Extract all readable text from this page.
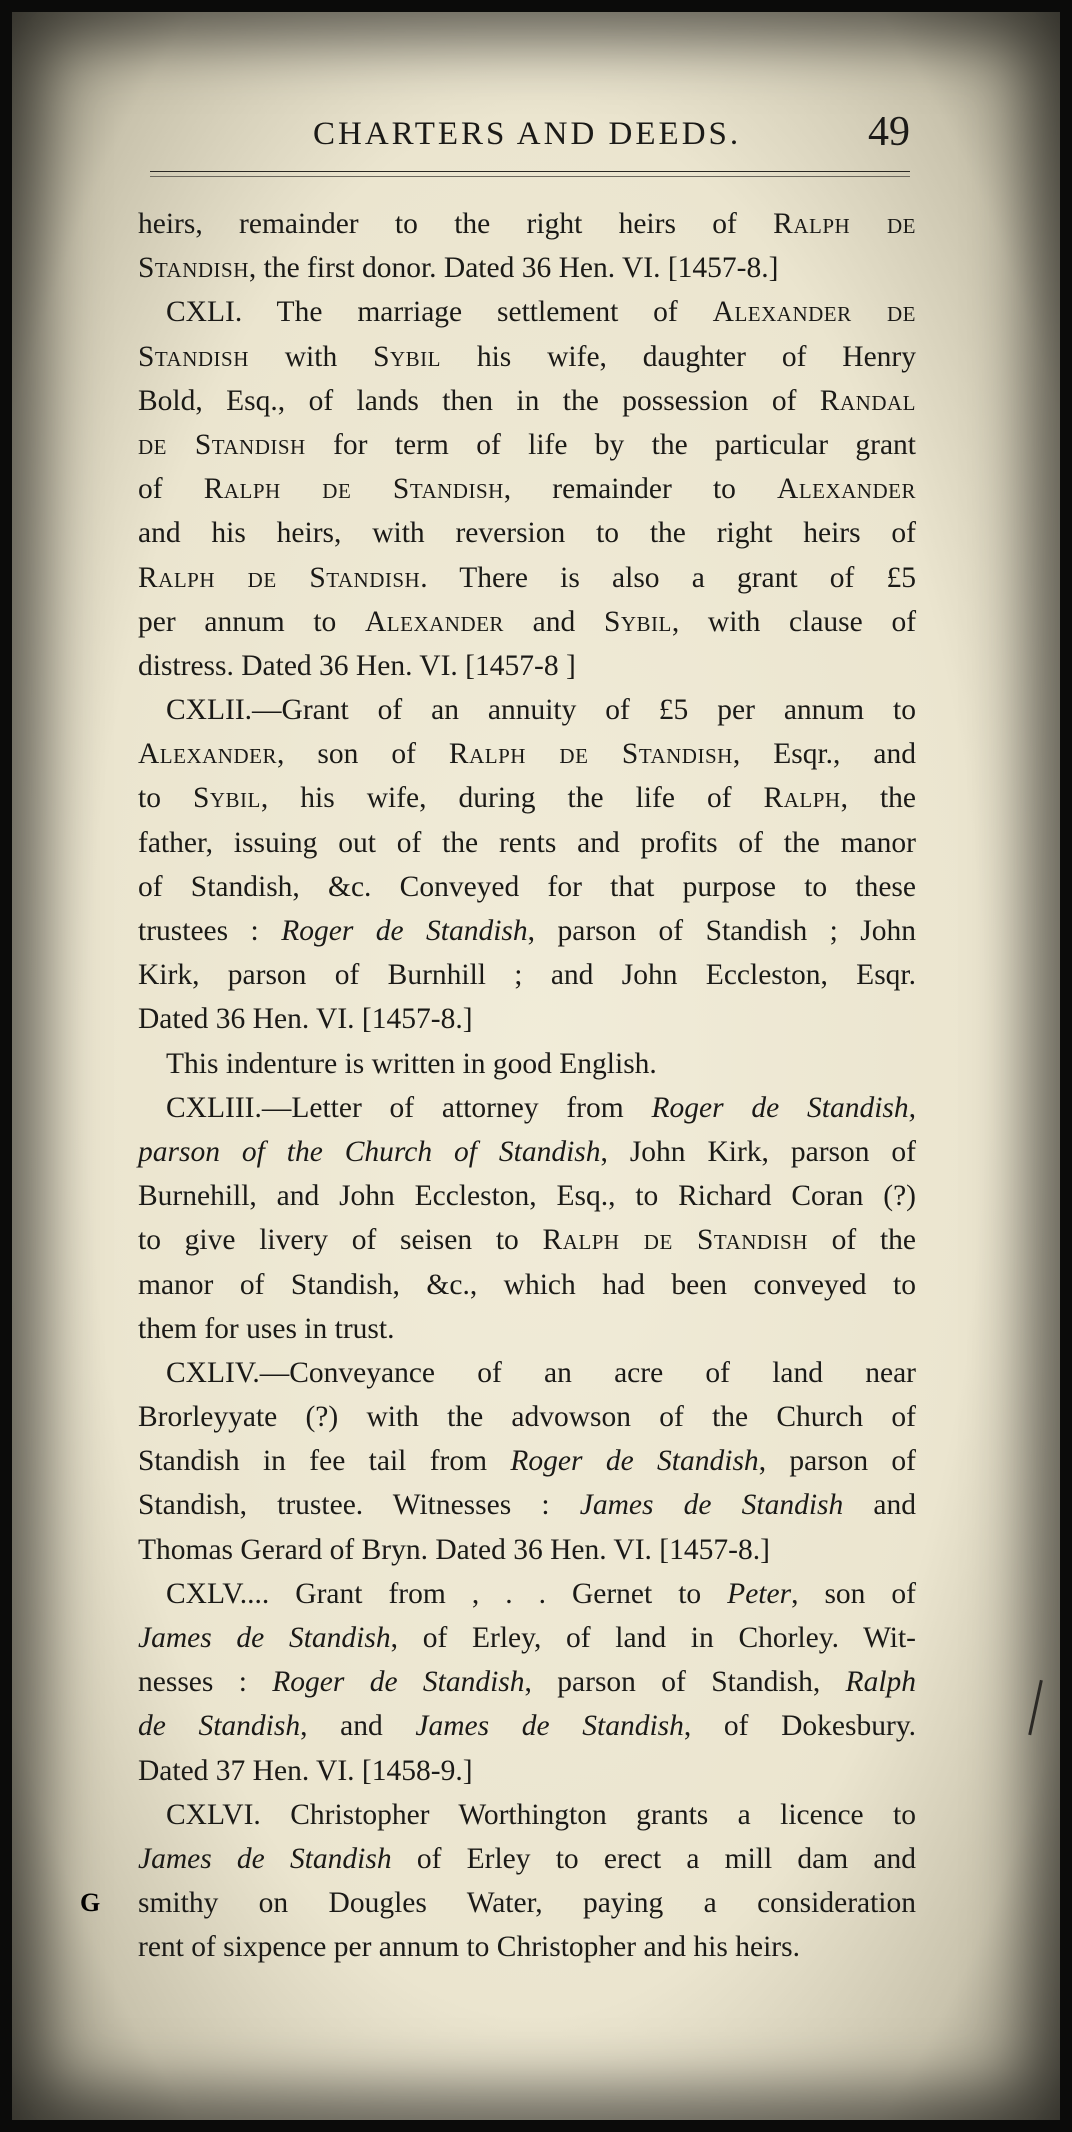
CHARTERS AND DEEDS.	49
heirs, remainder to the right heirs of Ralph de
Standish, the first donor. Dated 36 Hen. VI. [1457-8.]
CXLI. The marriage settlement of Alexander de
Standish with Sybil his wife, daughter of Henry
Bold, Esq., of lands then in the possession of Randal
de Standish for term of life by the particular grant
of Ralph de Standish, remainder to Alexander
and his heirs, with reversion to the right heirs of
Ralph de Standish. There is also a grant of £5
per annum to Alexander and Sybil, with clause of
distress. Dated 36 Hen. VI. [1457-8 ]
CXLII.—Grant of an annuity of £5 per annum to
Alexander, son of Ralph de Standish, Esqr., and
to Sybil, his wife, during the life of Ralph, the
father, issuing out of the rents and profits of the manor
of Standish, &c. Conveyed for that purpose to these
trustees : Roger de Standish, parson of Standish ; John
Kirk, parson of Burnhill ; and John Eccleston, Esqr.
Dated 36 Hen. VI. [1457-8.]
This indenture is written in good English.
CXLIII.—Letter of attorney from Roger de Standish,
parson of the Church of Standish, John Kirk, parson of
Burnehill, and John Eccleston, Esq., to Richard Coran (?)
to give livery of seisen to Ralph de Standish of the
manor of Standish, &c., which had been conveyed to
them for uses in trust.
CXLIV.—Conveyance of an acre of land near
Brorleyyate (?) with the advowson of the Church of
Standish in fee tail from Roger de Standish, parson of
Standish, trustee. Witnesses : James de Standish and
Thomas Gerard of Bryn. Dated 36 Hen. VI. [1457-8.]
CXLV.... Grant from , . . Gernet to Peter, son of
James de Standish, of Erley, of land in Chorley. Wit-
nesses : Roger de Standish, parson of Standish, Ralph
de Standish, and James de Standish, of Dokesbury.
Dated 37 Hen. VI. [1458-9.]
CXLVI. Christopher Worthington grants a licence to
James de Standish of Erley to erect a mill dam and
smithy on Dougles Water, paying a consideration
rent of sixpence per annum to Christopher and his heirs.
G
